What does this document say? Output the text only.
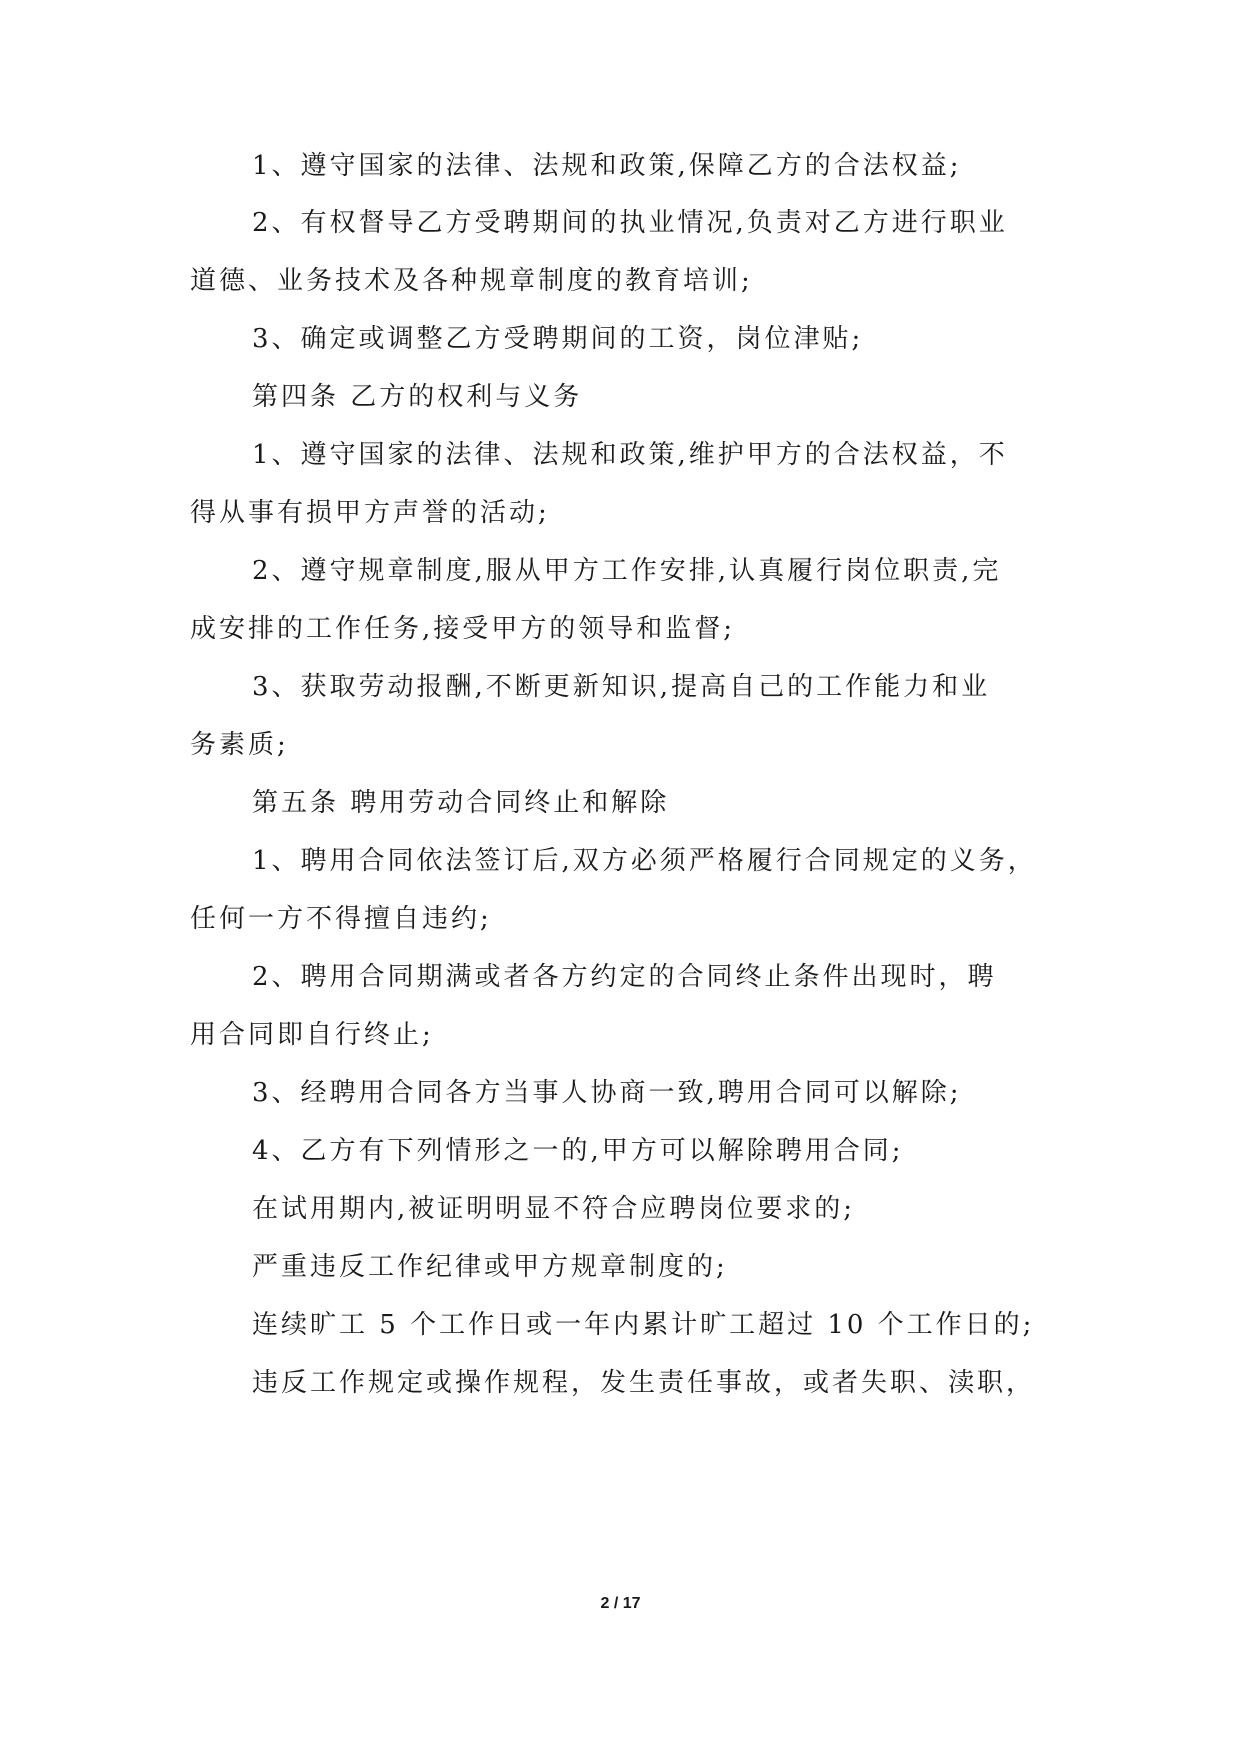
1、遵守国家的法律、法规和政策,保障乙方的合法权益;
2、有权督导乙方受聘期间的执业情况,负责对乙方进行职业
道德、业务技术及各种规章制度的教育培训;
3、确定或调整乙方受聘期间的工资，岗位津贴;
第四条 乙方的权利与义务
1、遵守国家的法律、法规和政策,维护甲方的合法权益，不
得从事有损甲方声誉的活动;
2、遵守规章制度,服从甲方工作安排,认真履行岗位职责,完
成安排的工作任务,接受甲方的领导和监督;
3、获取劳动报酬,不断更新知识,提高自己的工作能力和业
务素质;
第五条 聘用劳动合同终止和解除
1、聘用合同依法签订后,双方必须严格履行合同规定的义务，
任何一方不得擅自违约;
2、聘用合同期满或者各方约定的合同终止条件出现时，聘
用合同即自行终止;
3、经聘用合同各方当事人协商一致,聘用合同可以解除;
4、乙方有下列情形之一的,甲方可以解除聘用合同;
在试用期内,被证明明显不符合应聘岗位要求的;
严重违反工作纪律或甲方规章制度的;
连续旷工 5 个工作日或一年内累计旷工超过 10 个工作日的;
违反工作规定或操作规程，发生责任事故，或者失职、渎职，
2 / 17
